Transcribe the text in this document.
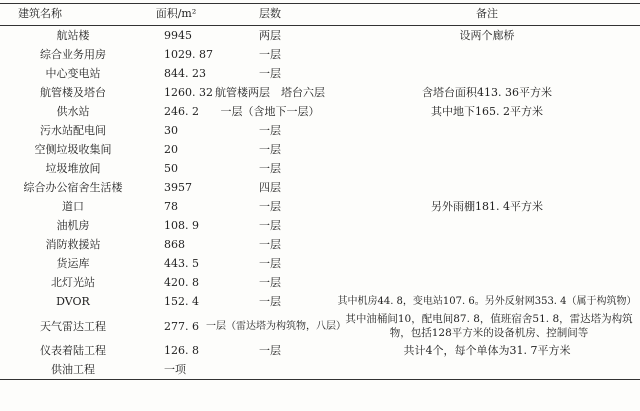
建筑名称	面积/m²	层数	备注
航站楼	9945	两层	设两个廊桥
综合业务用房	1029. 87	一层	
中心变电站	844. 23	一层	
航管楼及塔台	1260. 32	航管楼两层　塔台六层	含塔台面积413. 36平方米
供水站	246. 2	一层（含地下一层）	其中地下165. 2平方米
污水站配电间	30	一层	
空侧垃圾收集间	20	一层	
垃圾堆放间	50	一层	
综合办公宿舍生活楼	3957	四层	
道口	78	一层	另外雨棚181. 4平方米
油机房	108. 9	一层	
消防救援站	868	一层	
货运库	443. 5	一层	
北灯光站	420. 8	一层	
DVOR	152. 4	一层	其中机房44. 8，变电站107. 6。另外反射网353. 4（属于构筑物）
天气雷达工程	277. 6	一层（雷达塔为构筑物，八层）	其中油桶间10，配电间87. 8，值班宿舍51. 8，雷达塔为构筑物，包括128平方米的设备机房、控制间等
仪表着陆工程	126. 8	一层	共计4个，每个单体为31. 7平方米
供油工程	一项		
